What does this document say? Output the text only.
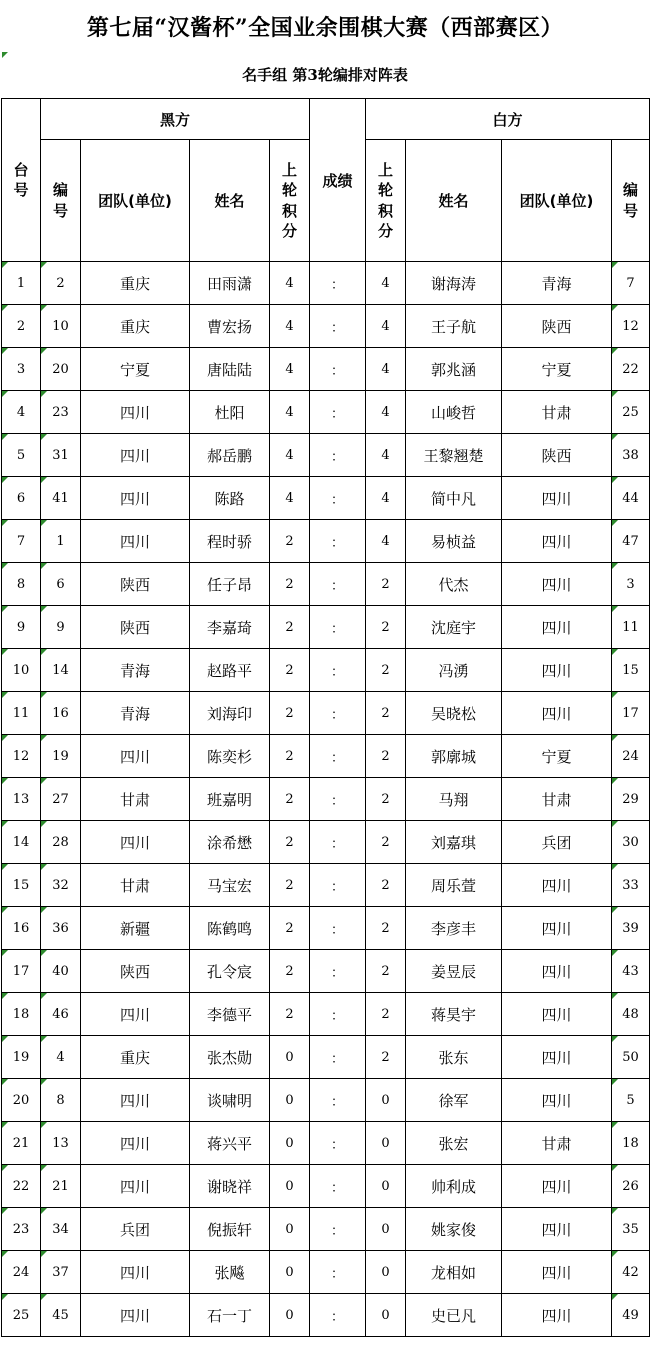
第七届“汉酱杯”全国业余围棋大赛（西部赛区）
名手组 第3轮编排对阵表
台号	黑方				成绩	白方			
	编号	团队(单位)	姓名	上轮积分		上轮积分	姓名	团队(单位)	编号
1	2	重庆	田雨潇	4	：	4	谢海涛	青海	7
2	10	重庆	曹宏扬	4	：	4	王子航	陕西	12
3	20	宁夏	唐陆陆	4	：	4	郭兆涵	宁夏	22
4	23	四川	杜阳	4	：	4	山峻哲	甘肃	25
5	31	四川	郝岳鹏	4	：	4	王黎翘楚	陕西	38
6	41	四川	陈路	4	：	4	简中凡	四川	44
7	1	四川	程时骄	2	：	4	易桢益	四川	47
8	6	陕西	任子昂	2	：	2	代杰	四川	3
9	9	陕西	李嘉琦	2	：	2	沈庭宇	四川	11
10	14	青海	赵路平	2	：	2	冯湧	四川	15
11	16	青海	刘海印	2	：	2	吴晓松	四川	17
12	19	四川	陈奕杉	2	：	2	郭廓城	宁夏	24
13	27	甘肃	班嘉明	2	：	2	马翔	甘肃	29
14	28	四川	涂希懋	2	：	2	刘嘉琪	兵团	30
15	32	甘肃	马宝宏	2	：	2	周乐萱	四川	33
16	36	新疆	陈鹤鸣	2	：	2	李彦丰	四川	39
17	40	陕西	孔令宸	2	：	2	姜昱辰	四川	43
18	46	四川	李德平	2	：	2	蒋昊宇	四川	48
19	4	重庆	张杰勋	0	：	2	张东	四川	50
20	8	四川	谈啸明	0	：	0	徐军	四川	5
21	13	四川	蒋兴平	0	：	0	张宏	甘肃	18
22	21	四川	谢晓祥	0	：	0	帅利成	四川	26
23	34	兵团	倪振轩	0	：	0	姚家俊	四川	35
24	37	四川	张飚	0	：	0	龙相如	四川	42
25	45	四川	石一丁	0	：	0	史已凡	四川	49
